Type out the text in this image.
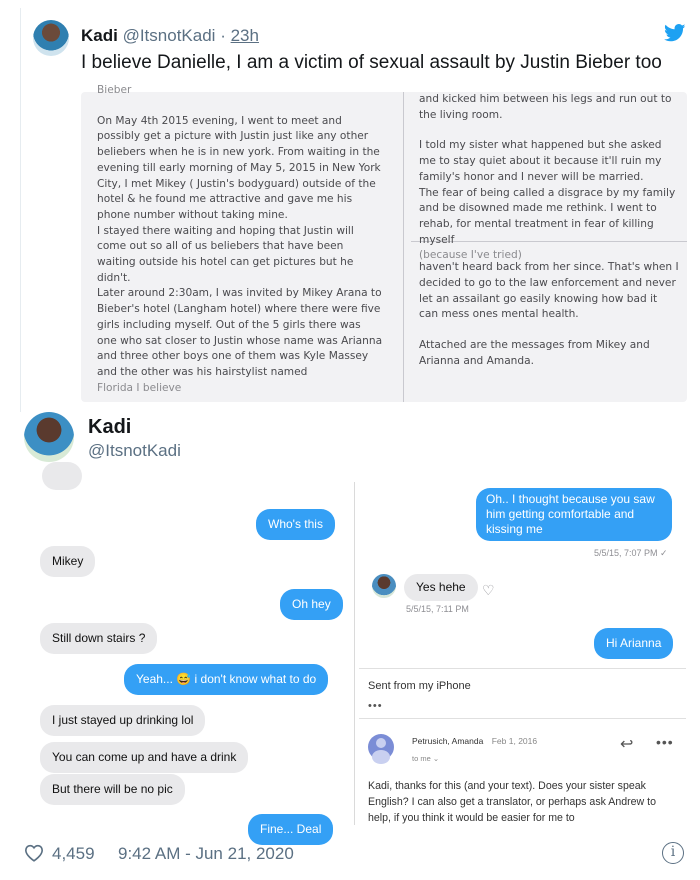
Kadi @ItsnotKadi · 23h
I believe Danielle, I am a victim of sexual assault by Justin Bieber too

Bieber

On May 4th 2015 evening, I went to meet and possibly get a picture with Justin just like any other beliebers when he is in new york. From waiting in the evening till early morning of May 5, 2015 in New York City, I met Mikey ( Justin's bodyguard) outside of the hotel & he found me attractive and gave me his phone number without taking mine.

I stayed there waiting and hoping that Justin will come out so all of us beliebers that have been waiting outside his hotel can get pictures but he didn't.

Later around 2:30am, I was invited by Mikey Arana to Bieber's hotel (Langham hotel) where there were five girls including myself. Out of the 5 girls there was one who sat closer to Justin whose name was Arianna and three other boys one of them was Kyle Massey and the other was his hairstylist named

Florida I believe

and kicked him between his legs and run out to the living room.

I told my sister what happened but she asked me to stay quiet about it because it'll ruin my family's honor and I never will be married.

The fear of being called a disgrace by my family and be disowned made me rethink. I went to rehab, for mental treatment in fear of killing myself

(because I've tried)

haven't heard back from her since. That's when I decided to go to the law enforcement and never let an assailant go easily knowing how bad it can mess ones mental health.

Attached are the messages from Mikey and Arianna and Amanda.

Kadi
@ItsnotKadi
Who's this
Mikey
Oh hey
Still down stairs ?
Yeah... 😅 i don't know what to do
I just stayed up drinking lol
You can come up and have a drink
But there will be no pic
Fine... Deal
Oh.. I thought because you saw him getting comfortable and kissing me
5/5/15, 7:07 PM ✓
Yes hehe	♡
5/5/15, 7:11 PM
Hi Arianna
Sent from my iPhone
•••
Petrusich, Amanda Feb 1, 2016
to me ⌄
↩ •••
Kadi, thanks for this (and your text). Does your sister speak English? I can also get a translator, or perhaps ask Andrew to help, if you think it would be easier for me to
4,459 9:42 AM - Jun 21, 2020	i
